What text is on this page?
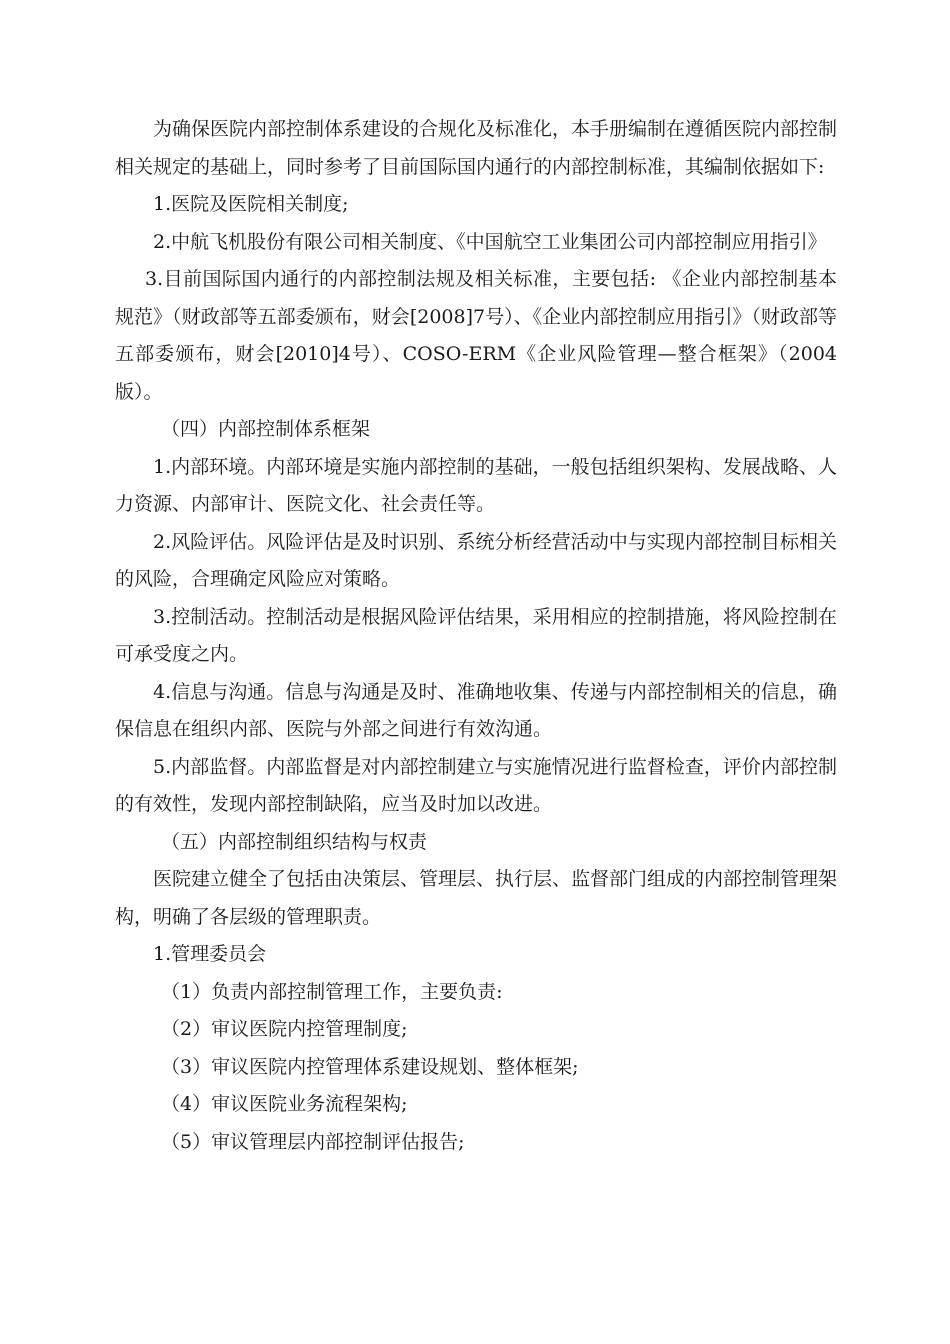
为确保医院内部控制体系建设的合规化及标准化，本手册编制在遵循医院内部控制相关规定的基础上，同时参考了目前国际国内通行的内部控制标准，其编制依据如下:

1.医院及医院相关制度;

2.中航飞机股份有限公司相关制度、《中国航空工业集团公司内部控制应用指引》

3.目前国际国内通行的内部控制法规及相关标准，主要包括: 《企业内部控制基本规范》（财政部等五部委颁布，财会[2008]7号）、《企业内部控制应用指引》（财政部等五部委颁布，财会[2010]4号）、COSO-ERM《企业风险管理—整合框架》（2004版）。

（四）内部控制体系框架

1.内部环境。内部环境是实施内部控制的基础，一般包括组织架构、发展战略、人力资源、内部审计、医院文化、社会责任等。

2.风险评估。风险评估是及时识别、系统分析经营活动中与实现内部控制目标相关的风险，合理确定风险应对策略。

3.控制活动。控制活动是根据风险评估结果，采用相应的控制措施，将风险控制在可承受度之内。

4.信息与沟通。信息与沟通是及时、准确地收集、传递与内部控制相关的信息，确保信息在组织内部、医院与外部之间进行有效沟通。

5.内部监督。内部监督是对内部控制建立与实施情况进行监督检查，评价内部控制的有效性，发现内部控制缺陷，应当及时加以改进。

（五）内部控制组织结构与权责

医院建立健全了包括由决策层、管理层、执行层、监督部门组成的内部控制管理架构，明确了各层级的管理职责。

1.管理委员会

（1）负责内部控制管理工作，主要负责:

（2）审议医院内控管理制度;

（3）审议医院内控管理体系建设规划、整体框架;

（4）审议医院业务流程架构;

（5）审议管理层内部控制评估报告;
